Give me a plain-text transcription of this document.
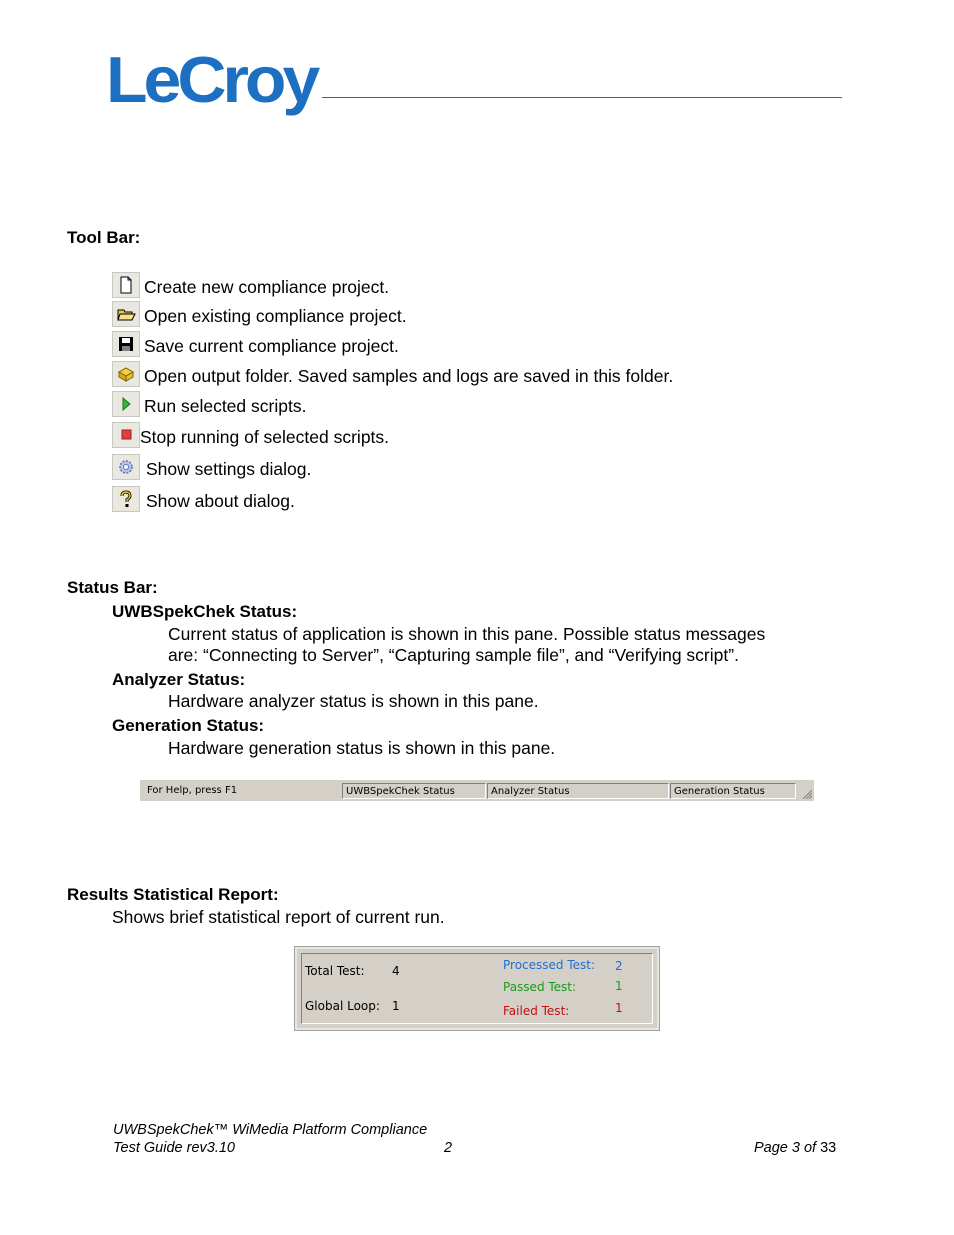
LeCroy
Tool Bar:
Create new compliance project.
Open existing compliance project.
Save current compliance project.
Open output folder. Saved samples and logs are saved in this folder.
Run selected scripts.
Stop running of selected scripts.
Show settings dialog.
Show about dialog.
Status Bar:
UWBSpekChek Status:
Current status of application is shown in this pane. Possible status messages
are: “Connecting to Server”, “Capturing sample file”, and “Verifying script”.
Analyzer Status:
Hardware analyzer status is shown in this pane.
Generation Status:
Hardware generation status is shown in this pane.
For Help, press F1	UWBSpekChek Status	Analyzer Status	Generation Status
Results Statistical Report:
Shows brief statistical report of current run.
Total Test: 4
Global Loop: 1
Processed Test: 2
Passed Test:	1
Failed Test:	1
UWBSpekChek™ WiMedia Platform Compliance
Test Guide rev3.10	2	Page 3 of 33
